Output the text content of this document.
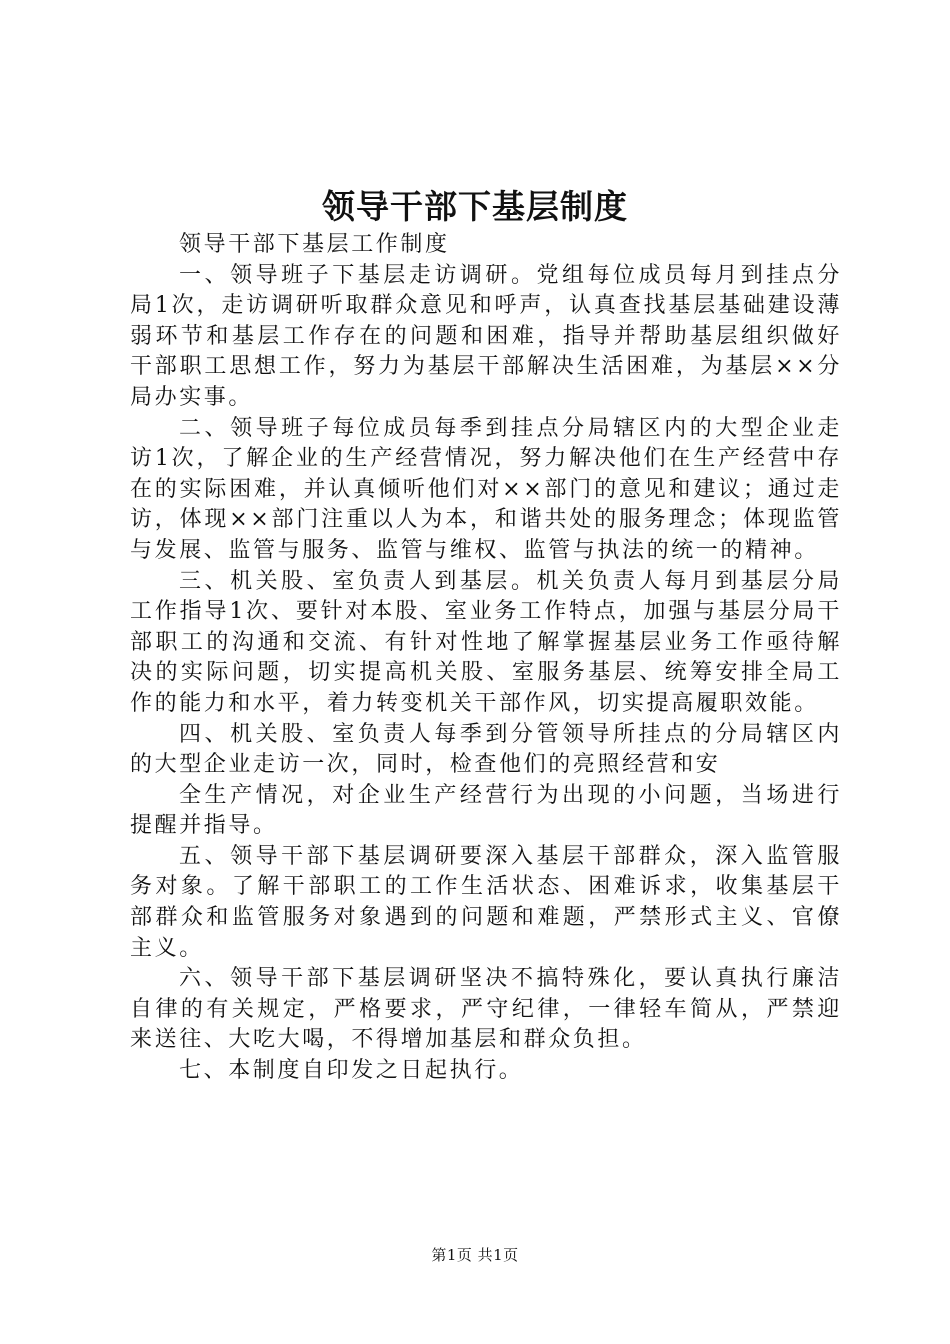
领导干部下基层制度

领导干部下基层工作制度

一、领导班子下基层走访调研。党组每位成员每月到挂点分局1次，走访调研听取群众意见和呼声，认真查找基层基础建设薄弱环节和基层工作存在的问题和困难，指导并帮助基层组织做好干部职工思想工作，努力为基层干部解决生活困难，为基层××分局办实事。

二、领导班子每位成员每季到挂点分局辖区内的大型企业走访1次，了解企业的生产经营情况，努力解决他们在生产经营中存在的实际困难，并认真倾听他们对××部门的意见和建议；通过走访，体现××部门注重以人为本，和谐共处的服务理念；体现监管与发展、监管与服务、监管与维权、监管与执法的统一的精神。

三、机关股、室负责人到基层。机关负责人每月到基层分局工作指导1次、要针对本股、室业务工作特点，加强与基层分局干部职工的沟通和交流、有针对性地了解掌握基层业务工作亟待解决的实际问题，切实提高机关股、室服务基层、统筹安排全局工作的能力和水平，着力转变机关干部作风，切实提高履职效能。

四、机关股、室负责人每季到分管领导所挂点的分局辖区内的大型企业走访一次，同时，检查他们的亮照经营和安

全生产情况，对企业生产经营行为出现的小问题，当场进行提醒并指导。

五、领导干部下基层调研要深入基层干部群众，深入监管服务对象。了解干部职工的工作生活状态、困难诉求，收集基层干部群众和监管服务对象遇到的问题和难题，严禁形式主义、官僚主义。

六、领导干部下基层调研坚决不搞特殊化，要认真执行廉洁自律的有关规定，严格要求，严守纪律，一律轻车简从，严禁迎来送往、大吃大喝，不得增加基层和群众负担。

七、本制度自印发之日起执行。

第1页 共1页
